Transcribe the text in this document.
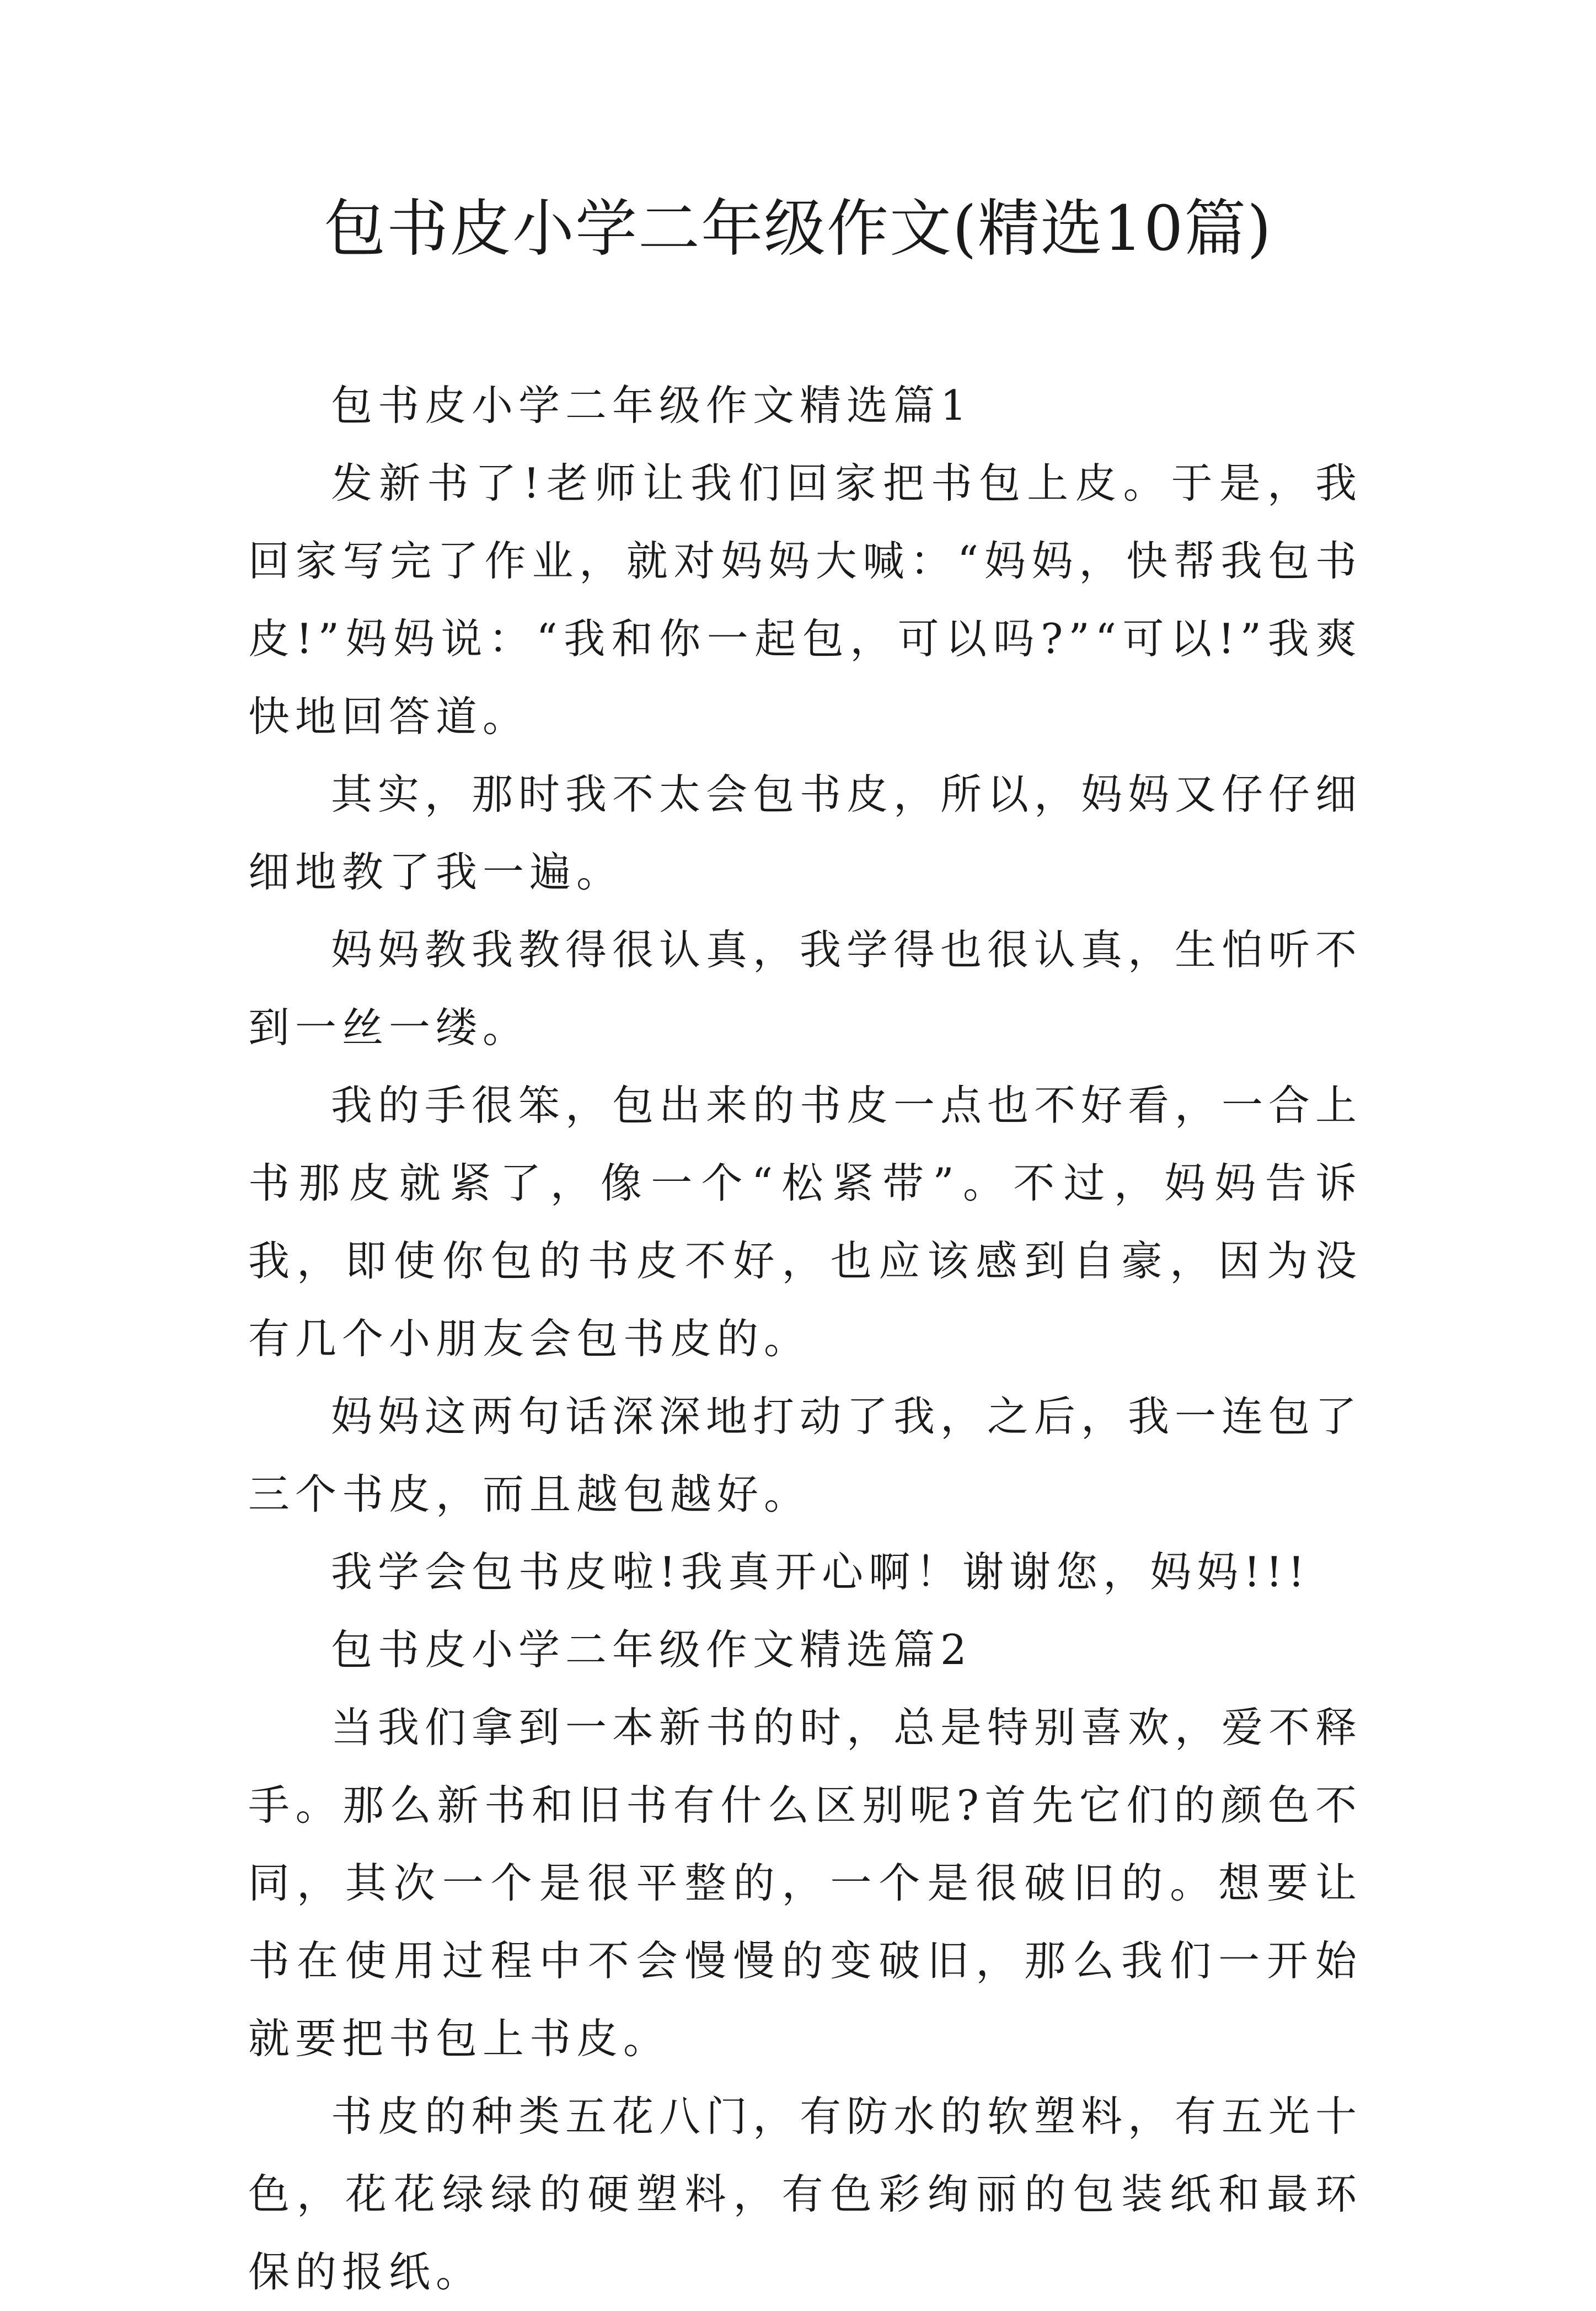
包书皮小学二年级作文(精选10篇)

包书皮小学二年级作文精选篇1

发新书了!老师让我们回家把书包上皮。于是，我回家写完了作业，就对妈妈大喊：“妈妈，快帮我包书皮!”妈妈说：“我和你一起包，可以吗?”“可以!”我爽快地回答道。

其实，那时我不太会包书皮，所以，妈妈又仔仔细细地教了我一遍。

妈妈教我教得很认真，我学得也很认真，生怕听不到一丝一缕。

我的手很笨，包出来的书皮一点也不好看，一合上书那皮就紧了，像一个“松紧带”。不过，妈妈告诉我，即使你包的书皮不好，也应该感到自豪，因为没有几个小朋友会包书皮的。

妈妈这两句话深深地打动了我，之后，我一连包了三个书皮，而且越包越好。

我学会包书皮啦!我真开心啊！谢谢您，妈妈!!!

包书皮小学二年级作文精选篇2

当我们拿到一本新书的时，总是特别喜欢，爱不释手。那么新书和旧书有什么区别呢?首先它们的颜色不同，其次一个是很平整的，一个是很破旧的。想要让书在使用过程中不会慢慢的变破旧，那么我们一开始就要把书包上书皮。

书皮的种类五花八门，有防水的软塑料，有五光十色，花花绿绿的硬塑料，有色彩绚丽的包装纸和最环保的报纸。
